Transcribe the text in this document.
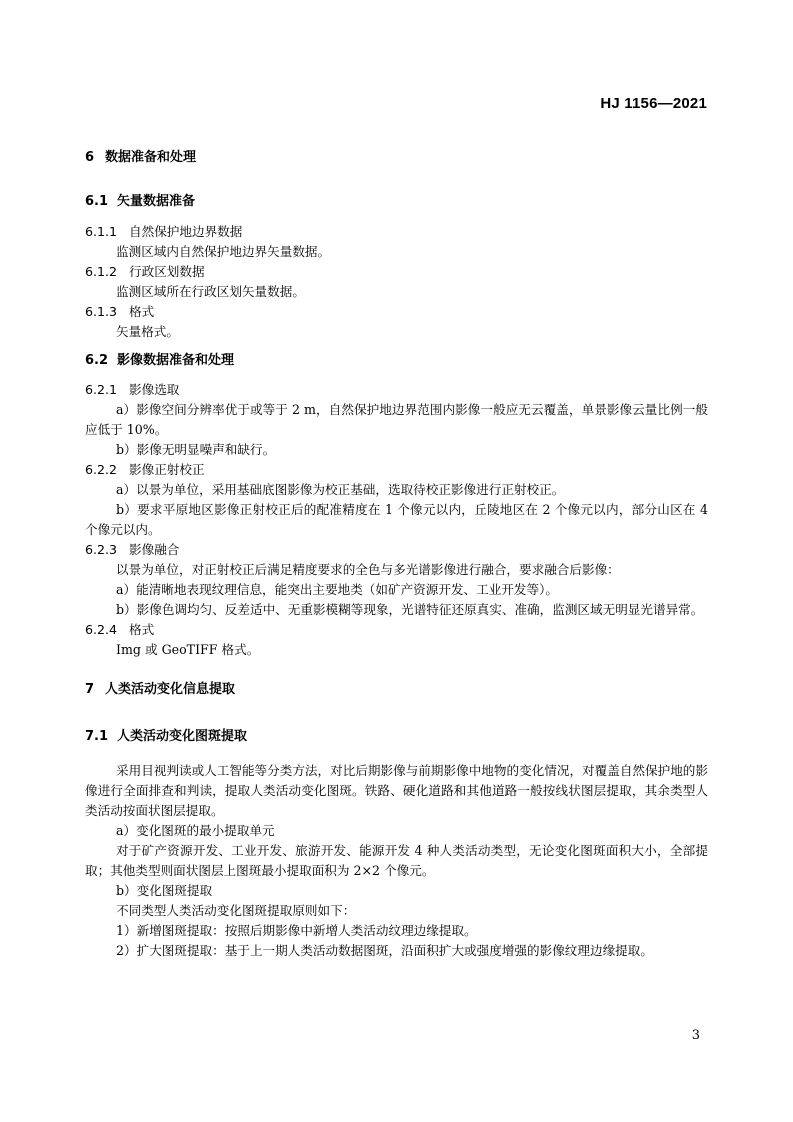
HJ 1156—2021
6 数据准备和处理
6.1 矢量数据准备
6.1.1 自然保护地边界数据
监测区域内自然保护地边界矢量数据。
6.1.2 行政区划数据
监测区域所在行政区划矢量数据。
6.1.3 格式
矢量格式。
6.2 影像数据准备和处理
6.2.1 影像选取
a）影像空间分辨率优于或等于 2 m，自然保护地边界范围内影像一般应无云覆盖，单景影像云量比例一般应低于 10%。
b）影像无明显噪声和缺行。
6.2.2 影像正射校正
a）以景为单位，采用基础底图影像为校正基础，选取待校正影像进行正射校正。
b）要求平原地区影像正射校正后的配准精度在 1 个像元以内，丘陵地区在 2 个像元以内，部分山区在 4 个像元以内。
6.2.3 影像融合
以景为单位，对正射校正后满足精度要求的全色与多光谱影像进行融合，要求融合后影像：
a）能清晰地表现纹理信息，能突出主要地类（如矿产资源开发、工业开发等）。
b）影像色调均匀、反差适中、无重影模糊等现象，光谱特征还原真实、准确，监测区域无明显光谱异常。
6.2.4 格式
Img 或 GeoTIFF 格式。
7 人类活动变化信息提取
7.1 人类活动变化图斑提取
采用目视判读或人工智能等分类方法，对比后期影像与前期影像中地物的变化情况，对覆盖自然保护地的影像进行全面排查和判读，提取人类活动变化图斑。铁路、硬化道路和其他道路一般按线状图层提取，其余类型人类活动按面状图层提取。
a）变化图斑的最小提取单元
对于矿产资源开发、工业开发、旅游开发、能源开发 4 种人类活动类型，无论变化图斑面积大小，全部提取；其他类型则面状图层上图斑最小提取面积为 2×2 个像元。
b）变化图斑提取
不同类型人类活动变化图斑提取原则如下：
1）新增图斑提取：按照后期影像中新增人类活动纹理边缘提取。
2）扩大图斑提取：基于上一期人类活动数据图斑，沿面积扩大或强度增强的影像纹理边缘提取。
3
